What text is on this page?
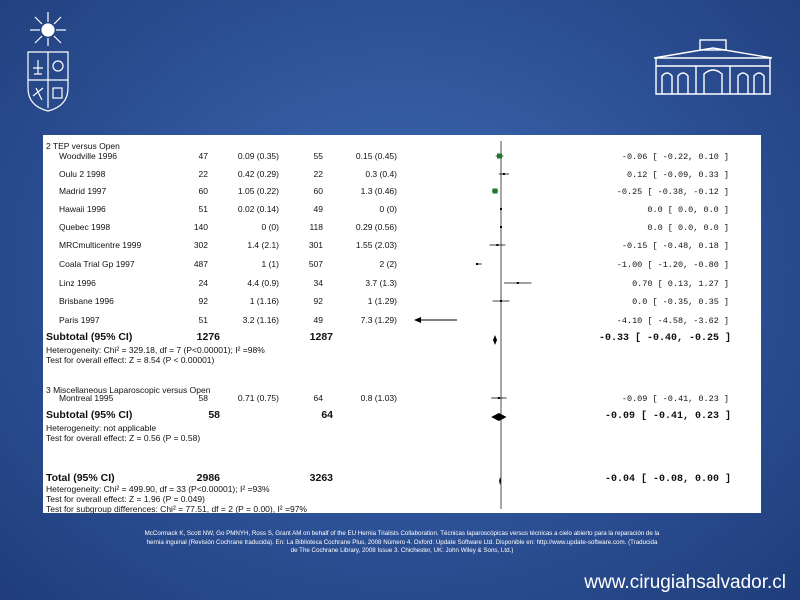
2 TEP versus Open
Woodville 1996	47	0.09 (0.35)	55	0.15 (0.45)	-0.06 [ -0.22, 0.10 ]
Oulu 2 1998	22	0.42 (0.29)	22	0.3 (0.4)	0.12 [ -0.09, 0.33 ]
Madrid 1997	60	1.05 (0.22)	60	1.3 (0.46)	-0.25 [ -0.38, -0.12 ]
Hawaii 1996	51	0.02 (0.14)	49	0 (0)	0.0 [ 0.0, 0.0 ]
Quebec 1998	140	0 (0)	118	0.29 (0.56)	0.0 [ 0.0, 0.0 ]
MRCmulticentre 1999	302	1.4 (2.1)	301	1.55 (2.03)	-0.15 [ -0.48, 0.18 ]
Coala Trial Gp 1997	487	1 (1)	507	2 (2)	-1.00 [ -1.20, -0.80 ]
Linz 1996	24	4.4 (0.9)	34	3.7 (1.3)	0.70 [ 0.13, 1.27 ]
Brisbane 1996	92	1 (1.16)	92	1 (1.29)	0.0 [ -0.35, 0.35 ]
Paris 1997	51	3.2 (1.16)	49	7.3 (1.29)	-4.10 [ -4.58, -3.62 ]
Subtotal (95% CI)	1276	1287	-0.33 [ -0.40, -0.25 ]
Heterogeneity: Chi² = 329.18, df = 7 (P<0.00001); I² =98%
Test for overall effect: Z = 8.54 (P < 0.00001)
3 Miscellaneous Laparoscopic versus Open
Montreal 1995	58	0.71 (0.75)	64	0.8 (1.03)	-0.09 [ -0.41, 0.23 ]
Subtotal (95% CI)	58	64	-0.09 [ -0.41, 0.23 ]
Heterogeneity: not applicable
Test for overall effect: Z = 0.56 (P = 0.58)
Total (95% CI)	2986	3263	-0.04 [ -0.08, 0.00 ]
Heterogeneity: Chi² = 499.90, df = 33 (P<0.00001); I² =93%
Test for overall effect: Z = 1.96 (P = 0.049)
Test for subgroup differences: Chi² = 77.51, df = 2 (P = 0.00), I² =97%
McCormack K, Scott NW, Go PMNYH, Ross S, Grant AM on behalf of the EU Hernia Trialists Collaboration. Técnicas laparoscópicas versus técnicas a cielo abierto para la reparación de la
hernia inguinal (Revisión Cochrane traducida). En: La Biblioteca Cochrane Plus, 2008 Número 4. Oxford: Update Software Ltd. Disponible en: http://www.update-software.com. (Traducida
de The Cochrane Library, 2008 Issue 3. Chichester, UK: John Wiley & Sons, Ltd.)
www.cirugiahsalvador.cl
